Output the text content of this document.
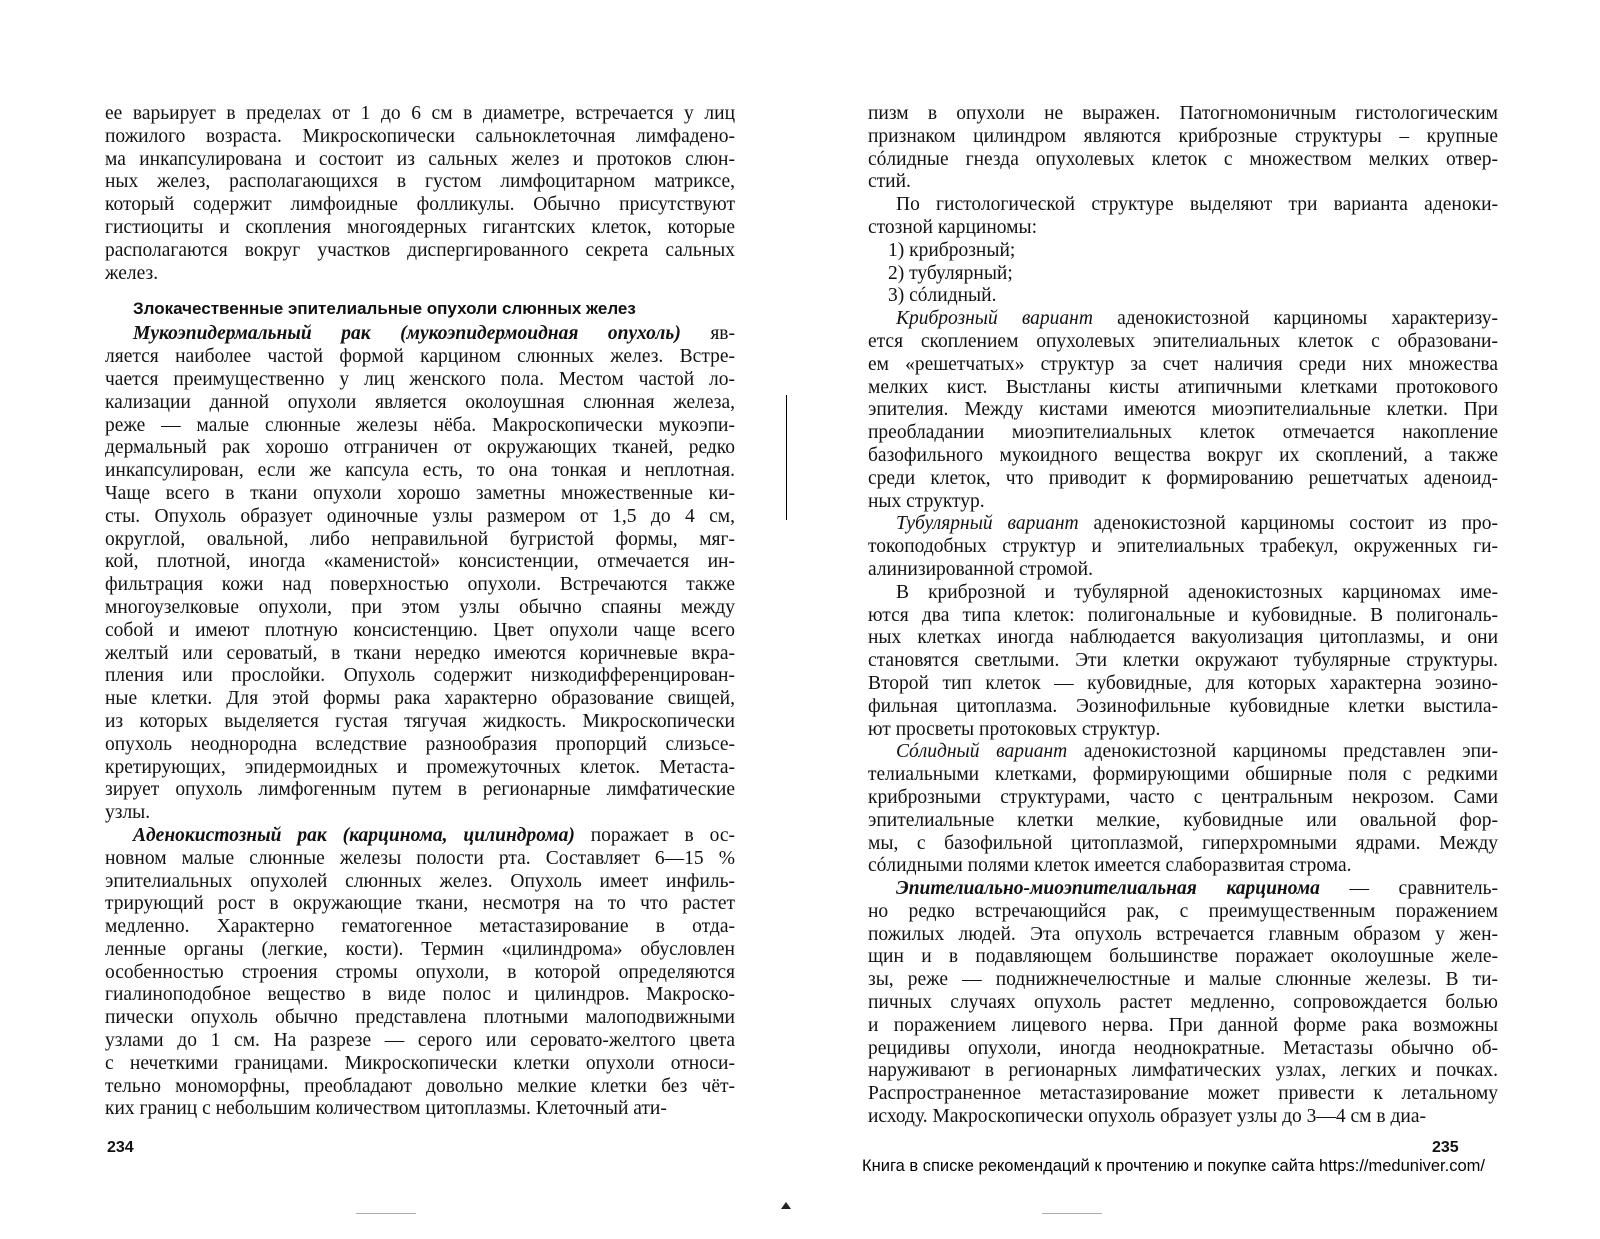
ее варьирует в пределах от 1 до 6 см в диаметре, встречается у лиц
пожилого возраста. Микроскопически сальноклеточная лимфадено-
ма инкапсулирована и состоит из сальных желез и протоков слюн-
ных желез, располагающихся в густом лимфоцитарном матриксе,
который содержит лимфоидные фолликулы. Обычно присутствуют
гистиоциты и скопления многоядерных гигантских клеток, которые
располагаются вокруг участков диспергированного секрета сальных
желез.
Злокачественные эпителиальные опухоли слюнных желез
Мукоэпидермальный рак (мукоэпидермоидная опухоль) яв-
ляется наиболее частой формой карцином слюнных желез. Встре-
чается преимущественно у лиц женского пола. Местом частой ло-
кализации данной опухоли является околоушная слюнная железа,
реже — малые слюнные железы нёба. Макроскопически мукоэпи-
дермальный рак хорошо отграничен от окружающих тканей, редко
инкапсулирован, если же капсула есть, то она тонкая и неплотная.
Чаще всего в ткани опухоли хорошо заметны множественные ки-
сты. Опухоль образует одиночные узлы размером от 1,5 до 4 см,
округлой, овальной, либо неправильной бугристой формы, мяг-
кой, плотной, иногда «каменистой» консистенции, отмечается ин-
фильтрация кожи над поверхностью опухоли. Встречаются также
многоузелковые опухоли, при этом узлы обычно спаяны между
собой и имеют плотную консистенцию. Цвет опухоли чаще всего
желтый или сероватый, в ткани нередко имеются коричневые вкра-
пления или прослойки. Опухоль содержит низкодифференцирован-
ные клетки. Для этой формы рака характерно образование свищей,
из которых выделяется густая тягучая жидкость. Микроскопически
опухоль неоднородна вследствие разнообразия пропорций слизьсе-
кретирующих, эпидермоидных и промежуточных клеток. Метаста-
зирует опухоль лимфогенным путем в регионарные лимфатические
узлы.
Аденокистозный рак (карцинома, цилиндрома) поражает в ос-
новном малые слюнные железы полости рта. Составляет 6—15 %
эпителиальных опухолей слюнных желез. Опухоль имеет инфиль-
трирующий рост в окружающие ткани, несмотря на то что растет
медленно. Характерно гематогенное метастазирование в отда-
ленные органы (легкие, кости). Термин «цилиндрома» обусловлен
особенностью строения стромы опухоли, в которой определяются
гиалиноподобное вещество в виде полос и цилиндров. Макроско-
пически опухоль обычно представлена плотными малоподвижными
узлами до 1 см. На разрезе — серого или серовато-желтого цвета
с нечеткими границами. Микроскопически клетки опухоли относи-
тельно мономорфны, преобладают довольно мелкие клетки без чёт-
ких границ с небольшим количеством цитоплазмы. Клеточный ати-
234
пизм в опухоли не выражен. Патогномоничным гистологическим
признаком цилиндром являются криброзные структуры – крупные
сóлидные гнезда опухолевых клеток с множеством мелких отвер-
стий.
По гистологической структуре выделяют три варианта аденоки-
стозной карциномы:
1) криброзный;
2) тубулярный;
3) сóлидный.
Криброзный вариант аденокистозной карциномы характеризу-
ется скоплением опухолевых эпителиальных клеток с образовани-
ем «решетчатых» структур за счет наличия среди них множества
мелких кист. Выстланы кисты атипичными клетками протокового
эпителия. Между кистами имеются миоэпителиальные клетки. При
преобладании миоэпителиальных клеток отмечается накопление
базофильного мукоидного вещества вокруг их скоплений, а также
среди клеток, что приводит к формированию решетчатых аденоид-
ных структур.
Тубулярный вариант аденокистозной карциномы состоит из про-
токоподобных структур и эпителиальных трабекул, окруженных ги-
алинизированной стромой.
В криброзной и тубулярной аденокистозных карциномах име-
ются два типа клеток: полигональные и кубовидные. В полигональ-
ных клетках иногда наблюдается вакуолизация цитоплазмы, и они
становятся светлыми. Эти клетки окружают тубулярные структуры.
Второй тип клеток — кубовидные, для которых характерна эозино-
фильная цитоплазма. Эозинофильные кубовидные клетки выстила-
ют просветы протоковых структур.
Сóлидный вариант аденокистозной карциномы представлен эпи-
телиальными клетками, формирующими обширные поля с редкими
криброзными структурами, часто с центральным некрозом. Сами
эпителиальные клетки мелкие, кубовидные или овальной фор-
мы, с базофильной цитоплазмой, гиперхромными ядрами. Между
сóлидными полями клеток имеется слаборазвитая строма.
Эпителиально-миоэпителиальная карцинома — сравнитель-
но редко встречающийся рак, с преимущественным поражением
пожилых людей. Эта опухоль встречается главным образом у жен-
щин и в подавляющем большинстве поражает околоушные желе-
зы, реже — поднижнечелюстные и малые слюнные железы. В ти-
пичных случаях опухоль растет медленно, сопровождается болью
и поражением лицевого нерва. При данной форме рака возможны
рецидивы опухоли, иногда неоднократные. Метастазы обычно об-
наруживают в регионарных лимфатических узлах, легких и почках.
Распространенное метастазирование может привести к летальному
исходу. Макроскопически опухоль образует узлы до 3—4 см в диа-
235
Книга в списке рекомендаций к прочтению и покупке сайта https://meduniver.com/
